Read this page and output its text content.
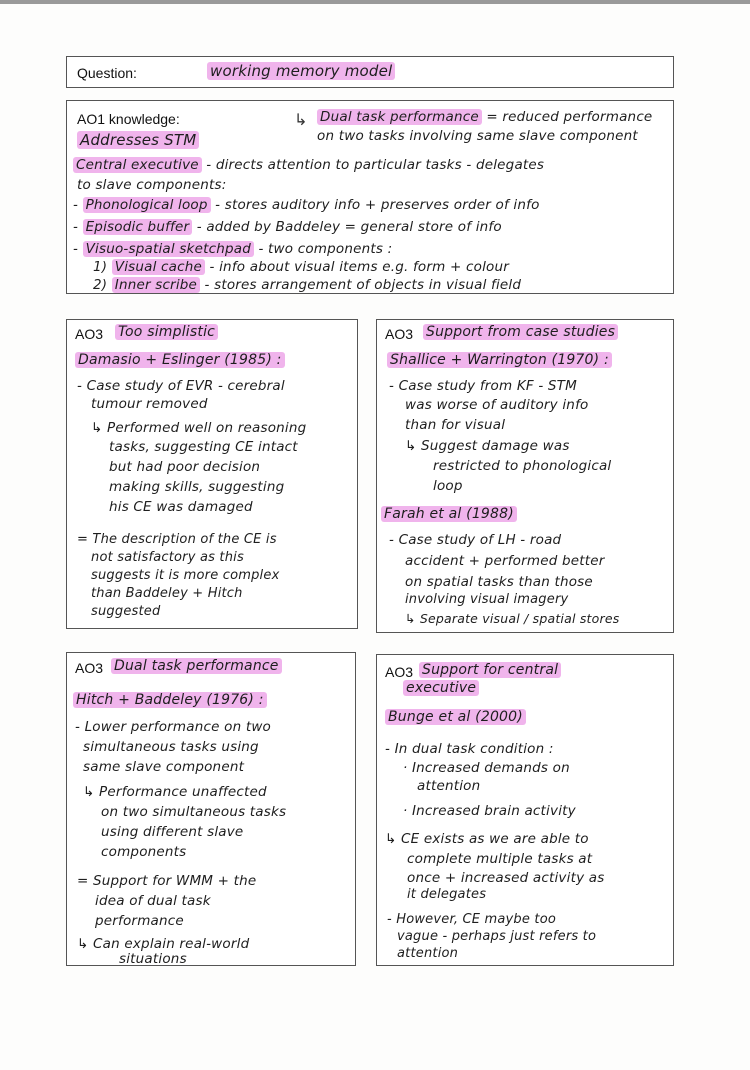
Question:	working memory model
AO1 knowledge:
Addresses STM
↳ Dual task performance = reduced performance
on two tasks involving same slave component
Central executive - directs attention to particular tasks - delegates
to slave components:
- Phonological loop - stores auditory info + preserves order of info
- Episodic buffer - added by Baddeley = general store of info
- Visuo-spatial sketchpad - two components :
1) Visual cache - info about visual items e.g. form + colour
2) Inner scribe - stores arrangement of objects in visual field
AO3 Too simplistic
Damasio + Eslinger (1985) :
- Case study of EVR - cerebral
tumour removed
↳ Performed well on reasoning
tasks, suggesting CE intact
but had poor decision
making skills, suggesting
his CE was damaged
= The description of the CE is
not satisfactory as this
suggests it is more complex
than Baddeley + Hitch
suggested
AO3 Support from case studies
Shallice + Warrington (1970) :
- Case study from KF - STM
was worse of auditory info
than for visual
↳ Suggest damage was
restricted to phonological
loop
Farah et al (1988)
- Case study of LH - road
accident + performed better
on spatial tasks than those
involving visual imagery
↳ Separate visual / spatial stores
AO3 Dual task performance
Hitch + Baddeley (1976) :
- Lower performance on two
simultaneous tasks using
same slave component
↳ Performance unaffected
on two simultaneous tasks
using different slave
components
= Support for WMM + the
idea of dual task
performance
↳ Can explain real-world
situations
AO3 Support for central
executive
Bunge et al (2000)
- In dual task condition :
· Increased demands on
attention
· Increased brain activity
↳ CE exists as we are able to
complete multiple tasks at
once + increased activity as
it delegates
- However, CE maybe too
vague - perhaps just refers to
attention
